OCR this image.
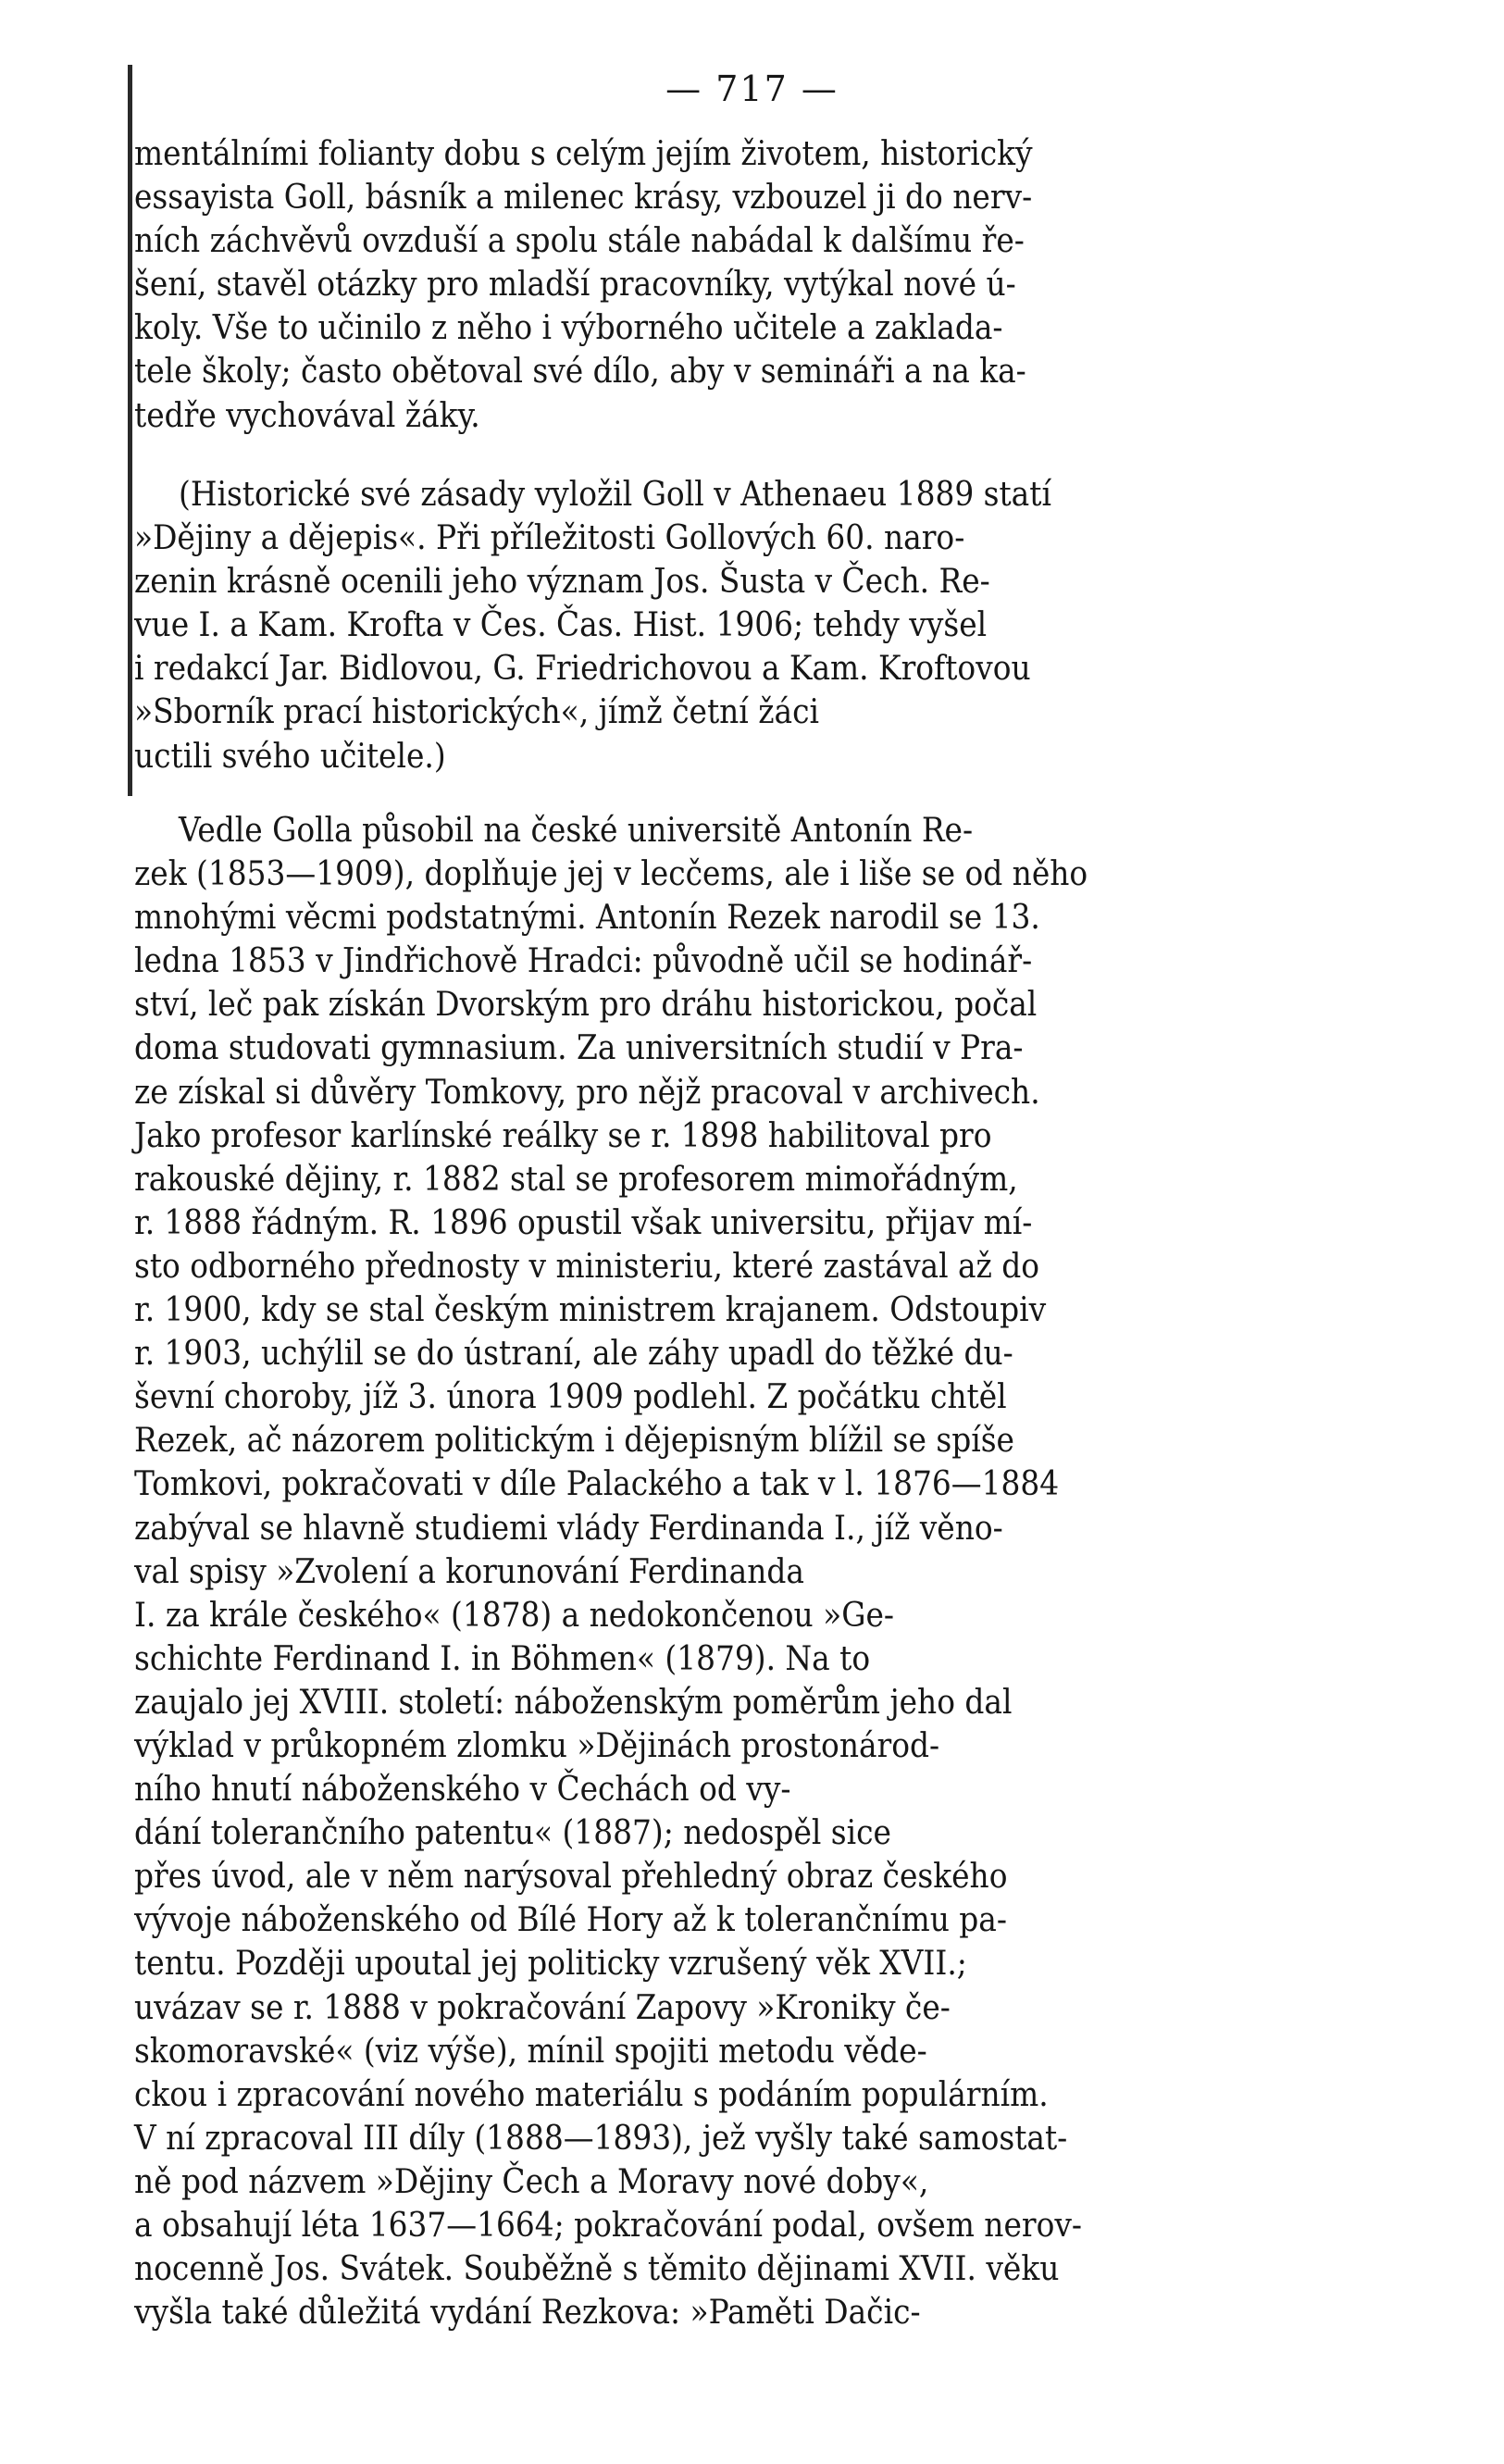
— 717 —
mentálními folianty dobu s celým jejím životem, historický
essayista Goll, básník a milenec krásy, vzbouzel ji do nerv-
ních záchvěvů ovzduší a spolu stále nabádal k dalšímu ře-
šení, stavěl otázky pro mladší pracovníky, vytýkal nové ú-
koly. Vše to učinilo z něho i výborného učitele a zaklada-
tele školy; často obětoval své dílo, aby v semináři a na ka-
tedře vychovával žáky.
(Historické své zásady vyložil Goll v Athenaeu 1889 statí
»Dějiny a dějepis«. Při příležitosti Gollových 60. naro-
zenin krásně ocenili jeho význam Jos. Šusta v Čech. Re-
vue I. a Kam. Krofta v Čes. Čas. Hist. 1906; tehdy vyšel
i redakcí Jar. Bidlovou, G. Friedrichovou a Kam. Kroftovou
»Sborník prací historických«, jímž četní žáci
uctili svého učitele.)
Vedle Golla působil na české universitě Antonín Re-
zek (1853—1909), doplňuje jej v lecčems, ale i liše se od něho
mnohými věcmi podstatnými. Antonín Rezek narodil se 13.
ledna 1853 v Jindřichově Hradci: původně učil se hodinář-
ství, leč pak získán Dvorským pro dráhu historickou, počal
doma studovati gymnasium. Za universitních studií v Pra-
ze získal si důvěry Tomkovy, pro nějž pracoval v archivech.
Jako profesor karlínské reálky se r. 1898 habilitoval pro
rakouské dějiny, r. 1882 stal se profesorem mimořádným,
r. 1888 řádným. R. 1896 opustil však universitu, přijav mí-
sto odborného přednosty v ministeriu, které zastával až do
r. 1900, kdy se stal českým ministrem krajanem. Odstoupiv
r. 1903, uchýlil se do ústraní, ale záhy upadl do těžké du-
ševní choroby, jíž 3. února 1909 podlehl. Z počátku chtěl
Rezek, ač názorem politickým i dějepisným blížil se spíše
Tomkovi, pokračovati v díle Palackého a tak v l. 1876—1884
zabýval se hlavně studiemi vlády Ferdinanda I., jíž věno-
val spisy »Zvolení a korunování Ferdinanda
I. za krále českého« (1878) a nedokončenou »Ge-
schichte Ferdinand I. in Böhmen« (1879). Na to
zaujalo jej XVIII. století: náboženským poměrům jeho dal
výklad v průkopném zlomku »Dějinách prostonárod-
ního hnutí náboženského v Čechách od vy-
dání tolerančního patentu« (1887); nedospěl sice
přes úvod, ale v něm narýsoval přehledný obraz českého
vývoje náboženského od Bílé Hory až k tolerančnímu pa-
tentu. Později upoutal jej politicky vzrušený věk XVII.;
uvázav se r. 1888 v pokračování Zapovy »Kroniky če-
skomoravské« (viz výše), mínil spojiti metodu věde-
ckou i zpracování nového materiálu s podáním populárním.
V ní zpracoval III díly (1888—1893), jež vyšly také samostat-
ně pod názvem »Dějiny Čech a Moravy nové doby«,
a obsahují léta 1637—1664; pokračování podal, ovšem nerov-
nocenně Jos. Svátek. Souběžně s těmito dějinami XVII. věku
vyšla také důležitá vydání Rezkova: »Paměti Dačic-
